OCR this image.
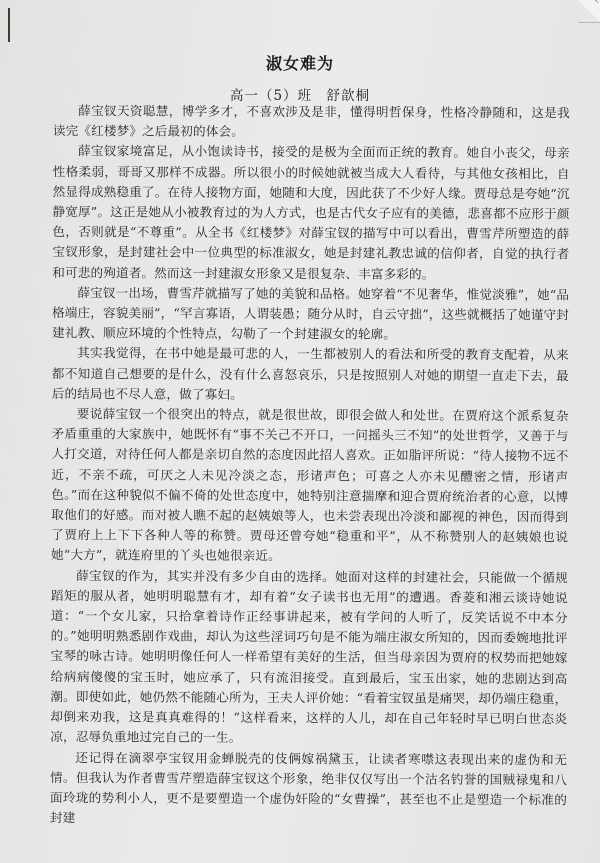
淑女难为
高一（5）班　舒歆桐

薛宝钗天资聪慧，博学多才，不喜欢涉及是非，懂得明哲保身，性格冷静随和，这是我读完《红楼梦》之后最初的体会。

薛宝钗家境富足，从小饱读诗书，接受的是极为全面而正统的教育。她自小丧父，母亲性格柔弱，哥哥又那样不成器。所以很小的时候她就被当成大人看待，与其他女孩相比，自然显得成熟稳重了。在待人接物方面，她随和大度，因此获了不少好人缘。贾母总是夸她“沉静宽厚”。这正是她从小被教育过的为人方式，也是古代女子应有的美德，悲喜都不应形于颜色，否则就是“不尊重”。从全书《红楼梦》对薛宝钗的描写中可以看出，曹雪芹所塑造的薛宝钗形象，是封建社会中一位典型的标准淑女，她是封建礼教忠诚的信仰者，自觉的执行者和可悲的殉道者。然而这一封建淑女形象又是很复杂、丰富多彩的。

薛宝钗一出场，曹雪芹就描写了她的美貌和品格。她穿着“不见奢华，惟觉淡雅”，她“品格端庄，容貌美丽”，“罕言寡语，人谓装愚；随分从时，自云守拙”，这些就概括了她谨守封建礼教、顺应环境的个性特点，勾勒了一个封建淑女的轮廓。

其实我觉得，在书中她是最可悲的人，一生都被别人的看法和所受的教育支配着，从来都不知道自己想要的是什么，没有什么喜怒哀乐，只是按照别人对她的期望一直走下去，最后的结局也不尽人意，做了寡妇。

要说薛宝钗一个很突出的特点，就是很世故，即很会做人和处世。在贾府这个派系复杂矛盾重重的大家族中，她既怀有“事不关己不开口，一问摇头三不知”的处世哲学，又善于与人打交道，对待任何人都是亲切自然的态度因此招人喜欢。正如脂评所说：“待人接物不远不近，不亲不疏，可厌之人未见冷淡之态，形诸声色；可喜之人亦未见醴密之情，形诸声色。”而在这种貌似不偏不倚的处世态度中，她特别注意揣摩和迎合贾府统治者的心意，以博取他们的好感。而对被人瞧不起的赵姨娘等人，也未尝表现出冷淡和鄙视的神色，因而得到了贾府上上下下各种人等的称赞。贾母还曾夸她“稳重和平”，从不称赞别人的赵姨娘也说她“大方”，就连府里的丫头也她很亲近。

薛宝钗的作为，其实并没有多少自由的选择。她面对这样的封建社会，只能做一个循规蹈矩的服从者，她明明聪慧有才，却有着“女子读书也无用”的遭遇。香菱和湘云谈诗她说道：“一个女儿家，只拾拿着诗作正经事讲起来，被有学问的人听了，反笑话说不中本分的。”她明明熟悉剧作戏曲，却认为这些淫词巧句是不能为端庄淑女所知的，因而委婉地批评宝琴的咏古诗。她明明像任何人一样希望有美好的生活，但当母亲因为贾府的权势而把她嫁给病病傻傻的宝玉时，她应承了，只有流泪接受。直到最后，宝玉出家，她的悲剧达到高潮。即使如此，她仍然不能随心所为，王夫人评价她：“看着宝钗虽是痛哭，却仍端庄稳重，却倒来劝我，这是真真难得的！”这样看来，这样的人儿，却在自己年轻时早已明白世态炎凉，忍辱负重地过完自己的一生。

还记得在滴翠亭宝钗用金蝉脱壳的伎俩嫁祸黛玉，让读者寒噤这表现出来的虚伪和无情。但我认为作者曹雪芹塑造薛宝钗这个形象，绝非仅仅写出一个沽名钓誉的国贼禄鬼和八面玲珑的势利小人，更不是要塑造一个虚伪奸险的“女曹操”，甚至也不止是塑造一个标准的封建
